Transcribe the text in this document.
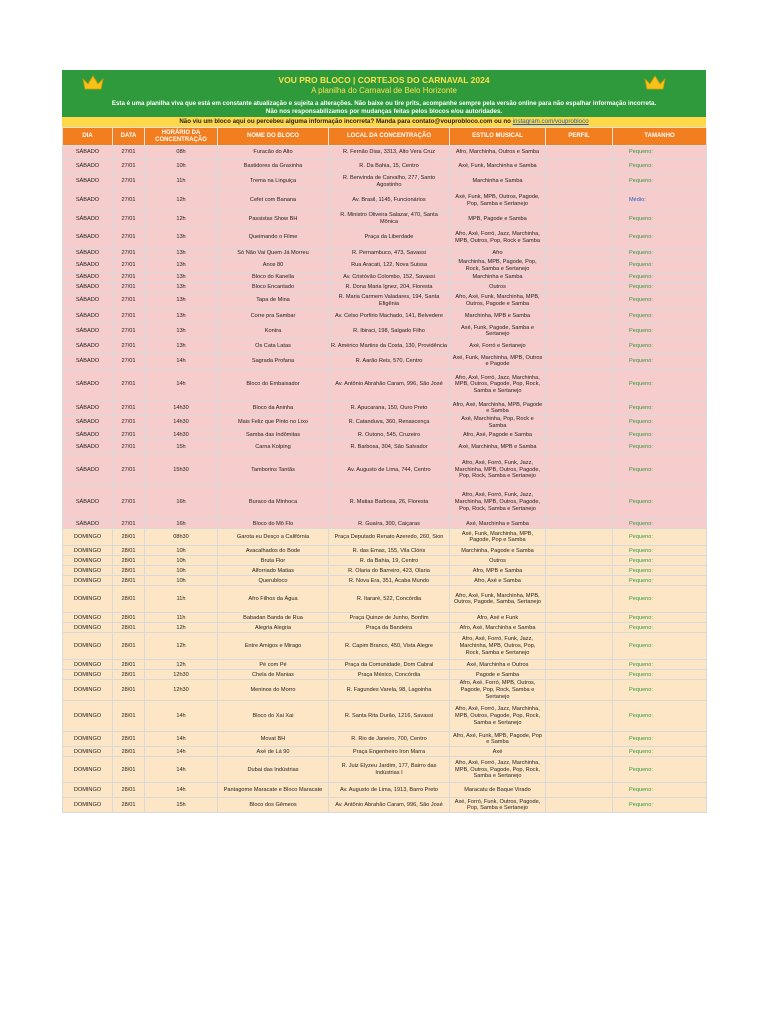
VOU PRO BLOCO | CORTEJOS DO CARNAVAL 2024
A planilha do Carnaval de Belo Horizonte
Esta é uma planilha viva que está em constante atualização e sujeita a alterações. Não baixe ou tire prits, acompanhe sempre pela versão online para não espalhar informação incorreta.
Não nos responsabilizamos por mudanças feitas pelos blocos e/ou autoridades.
Não viu um bloco aqui ou percebeu alguma informação incorreta? Manda para contato@vouprobloco.com ou no instagram.com/vouprobloco
DIA	DATA	HORÁRIO DA CONCENTRAÇÃO	NOME DO BLOCO	LOCAL DA CONCENTRAÇÃO	ESTILO MUSICAL	PERFIL	TAMANHO
SÁBADO	27/01	08h	Furacão do Alto	R. Fernão Dias, 3313, Alto Vera Cruz	Afro, Marchinha, Outros e Samba		Pequeno:
SÁBADO	27/01	10h	Bastidores da Graxinha	R. Da Bahia, 15, Centro	Axé, Funk, Marchinha e Samba		Pequeno:
SÁBADO	27/01	11h	Trema na Linguiça	R. Benvinda de Carvalho, 277, Santo Agostinho	Marchinha e Samba		Pequeno:
SÁBADO	27/01	12h	Cefet com Banana	Av. Brasil, 1145, Funcionários	Axé, Funk, MPB, Outros, Pagode, Pop, Samba e Sertanejo		Médio:
SÁBADO	27/01	12h	Passistas Show BH	R. Ministro Oliveira Salazar, 470, Santa Mônica	MPB, Pagode e Samba		Pequeno:
SÁBADO	27/01	13h	Queimando o Filme	Praça da Liberdade	Afro, Axé, Forró, Jazz, Marchinha, MPB, Outros, Pop, Rock e Samba		Pequeno:
SÁBADO	27/01	13h	Só Não Vai Quem Já Morreu	R. Pernambuco, 473, Savassi	Afro		Pequeno:
SÁBADO	27/01	13h	Anos 80	Rua Aracati, 122, Nova Suissa	Marchinha, MPB, Pagode, Pop, Rock, Samba e Sertanejo		Pequeno:
SÁBADO	27/01	13h	Bloco do Kanella	Av. Cristóvão Colombo, 152, Savassi	Marchinha e Samba		Pequeno:
SÁBADO	27/01	13h	Bloco Encantado	R. Dona Maria Ignez, 204, Floresta	Outros		Pequeno:
SÁBADO	27/01	13h	Tapa de Mina	R. Maria Carmem Valadares, 194, Santa Efigênia	Afro, Axé, Funk, Marchinha, MPB, Outros, Pagode e Samba		Pequeno:
SÁBADO	27/01	13h	Corre pra Sambar	Av. Celso Porfirio Machado, 141, Belvedere	Marchinha, MPB e Samba		Pequeno:
SÁBADO	27/01	13h	Kontra	R. Ibiraci, 198, Salgado Filho	Axé, Funk, Pagode, Samba e Sertanejo		Pequeno:
SÁBADO	27/01	13h	Os Cata Latas	R. Américo Martins da Costa, 130, Providência	Axé, Forró e Sertanejo		Pequeno:
SÁBADO	27/01	14h	Sagrada Profana	R. Aarão Reis, 570, Centro	Axé, Funk, Marchinha, MPB, Outros e Pagode		Pequeno:
SÁBADO	27/01	14h	Bloco do Embaixador	Av. Antônio Abrahão Caram, 996, São José	Afro, Axé, Forró, Jazz, Marchinha, MPB, Outros, Pagode, Pop, Rock, Samba e Sertanejo		Pequeno:
SÁBADO	27/01	14h30	Bloco da Aninha	R. Apucarana, 150, Ouro Preto	Afro, Axé, Marchinha, MPB, Pagode e Samba		Pequeno:
SÁBADO	27/01	14h30	Mais Feliz que Pinto no Lixo	R. Catanduva, 360, Renascença	Axé, Marchinha, Pop, Rock e Samba		Pequeno:
SÁBADO	27/01	14h30	Samba das Indômitas	R. Outono, 545, Cruzeiro	Afro, Axé, Pagode e Samba		Pequeno:
SÁBADO	27/01	15h	Carna Kolping	R. Barbosa, 304, São Salvador	Axé, Marchinha, MPB e Samba		Pequeno:
SÁBADO	27/01	15h30	Tamborins Tantãs	Av. Augusto de Lima, 744, Centro	Afro, Axé, Forró, Funk, Jazz, Marchinha, MPB, Outros, Pagode, Pop, Rock, Samba e Sertanejo		Pequeno:
SÁBADO	27/01	16h	Buraco da Minhoca	R. Matias Barbosa, 26, Floresta	Afro, Axé, Forró, Funk, Jazz, Marchinha, MPB, Outros, Pagode, Pop, Rock, Samba e Sertanejo		Pequeno:
SÁBADO	27/01	16h	Bloco do Mô Flo	R. Guaíra, 300, Caiçaras	Axé, Marchinha e Samba		Pequeno:
DOMINGO	28/01	08h30	Garota eu Desço a Califórnia	Praça Deputado Renato Azeredo, 260, Sion	Axé, Funk, Marchinha, MPB, Pagode, Pop e Samba		Pequeno:
DOMINGO	28/01	10h	Avacalhados do Bode	R. das Emas, 155, Vila Clóris	Marchinha, Pagode e Samba		Pequeno:
DOMINGO	28/01	10h	Bruta Flor	R. da Bahia, 19, Centro	Outros		Pequeno:
DOMINGO	28/01	10h	Alforriado Matias	R. Olaria do Barreiro, 423, Olaria	Afro, MPB e Samba		Pequeno:
DOMINGO	28/01	10h	Querubloco	R. Nova Era, 351, Acaba Mundo	Afro, Axé e Samba		Pequeno:
DOMINGO	28/01	11h	Afro Filhos da Água	R. Itararé, 522, Concórdia	Afro, Axé, Funk, Marchinha, MPB, Outros, Pagode, Samba, Sertanejo		Pequeno:
DOMINGO	28/01	11h	Babadan Banda de Rua	Praça Quinze de Junho, Bonfim	Afro, Axé e Funk		Pequeno:
DOMINGO	28/01	12h	Alegria Alegria	Praça da Bandeira	Afro, Axé, Marchinha e Samba		Pequeno:
DOMINGO	28/01	12h	Entre Amigos e Mirago	R. Capim Branco, 450, Vista Alegre	Afro, Axé, Forró, Funk, Jazz, Marchinha, MPB, Outros, Pop, Rock, Samba e Sertanejo		Pequeno:
DOMINGO	28/01	12h	Pé com Pé	Praça da Comunidade, Dom Cabral	Axé, Marchinha e Outros		Pequeno:
DOMINGO	28/01	12h30	Chela de Manias	Praça México, Concórdia	Pagode e Samba		Pequeno:
DOMINGO	28/01	12h30	Meninos do Morro	R. Fagundes Varela, 98, Lagoinha	Afro, Axé, Forró, MPB, Outros, Pagode, Pop, Rock, Samba e Sertanejo		Pequeno:
DOMINGO	28/01	14h	Bloco do Xai Xai	R. Santa Rita Durão, 1216, Savassi	Afro, Axé, Forró, Jazz, Marchinha, MPB, Outros, Pagode, Pop, Rock, Samba e Sertanejo		Pequeno:
DOMINGO	28/01	14h	Movat BH	R. Rio de Janeiro, 700, Centro	Afro, Axé, Funk, MPB, Pagode, Pop e Samba		Pequeno:
DOMINGO	28/01	14h	Axé de Lá 90	Praça Engenheiro Iron Marra	Axé		Pequeno:
DOMINGO	28/01	14h	Dubai das Indústrias	R. Juiz Elyzeu Jardim, 177, Bairro das Indústrias I	Afro, Axé, Forró, Jazz, Marchinha, MPB, Outros, Pagode, Pop, Rock, Samba e Sertanejo		Pequeno:
DOMINGO	28/01	14h	Pantagome Maracate e Bloco Maracate	Av. Augusto de Lima, 1913, Barro Preto	Maracatu de Baque Virado		Pequeno:
DOMINGO	28/01	15h	Bloco dos Gêmeos	Av. Antônio Abrahão Caram, 996, São José	Axé, Forró, Funk, Outros, Pagode, Pop, Samba e Sertanejo		Pequeno:
